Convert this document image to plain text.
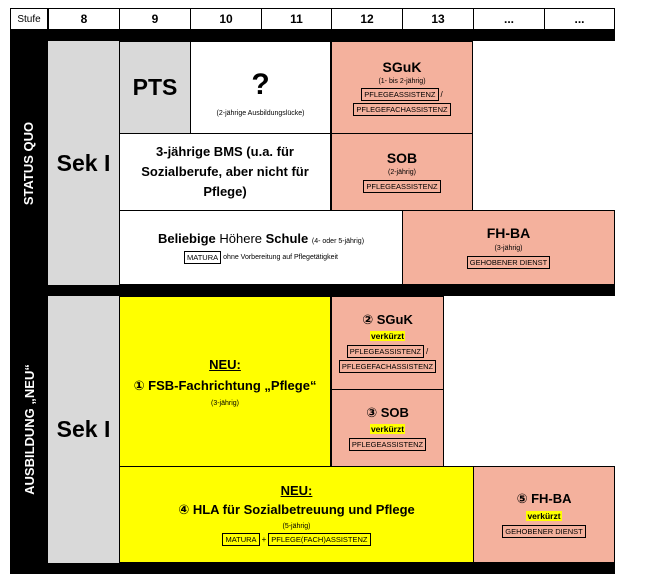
Stufe	8	9	10	11	12	13	...	...
STATUS QUO Sek I
PTS ?
(2-jährige Ausbildungslücke)
SGuK
(1- bis 2-jährig)
PFLEGEASSISTENZ /
PFLEGEFACHASSISTENZ
3-jährige BMS (u.a. für
Sozialberufe, aber nicht für
Pflege)
SOB
(2-jährig)
PFLEGEASSISTENZ
Beliebige Höhere Schule (4- oder 5-jährig)
MATURA ohne Vorbereitung auf Pflegetätigkeit
FH-BA
(3-jährig)
GEHOBENER DIENST
AUSBILDUNG „NEU“ Sek I
NEU:
① FSB-Fachrichtung „Pflege“
(3-jährig)
② SGuK
verkürzt
PFLEGEASSISTENZ /
PFLEGEFACHASSISTENZ
③ SOB
verkürzt
PFLEGEASSISTENZ
NEU:
④ HLA für Sozialbetreuung und Pflege
(5-jährig)
MATURA + PFLEGE(FACH)ASSISTENZ
⑤ FH-BA
verkürzt
GEHOBENER DIENST
